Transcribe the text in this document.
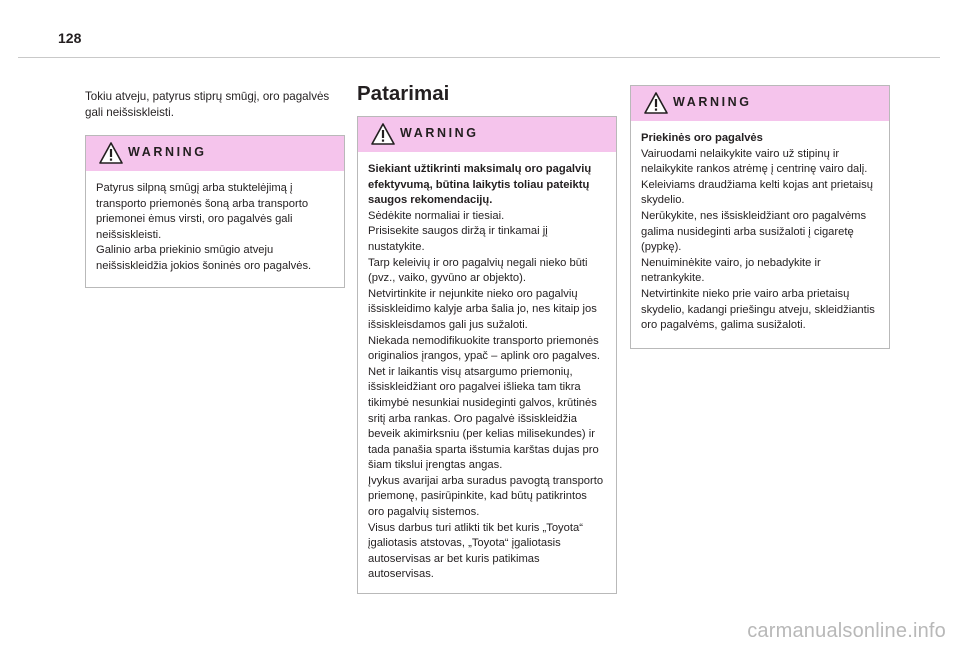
128

Tokiu atveju, patyrus stiprų smūgį, oro pagalvės gali neišsiskleisti.

WARNING

Patyrus silpną smūgį arba stuktelėjimą į transporto priemonės šoną arba transporto priemonei ėmus virsti, oro pagalvės gali neišsiskleisti.

Galinio arba priekinio smūgio atveju neišsiskleidžia jokios šoninės oro pagalvės.

Patarimai
WARNING

Siekiant užtikrinti maksimalų oro pagalvių efektyvumą, būtina laikytis toliau pateiktų saugos rekomendacijų.

Sėdėkite normaliai ir tiesiai.

Prisisekite saugos diržą ir tinkamai jį nustatykite.

Tarp keleivių ir oro pagalvių negali nieko būti (pvz., vaiko, gyvūno ar objekto).

Netvirtinkite ir nejunkite nieko oro pagalvių išsiskleidimo kalyje arba šalia jo, nes kitaip jos išsiskleisdamos gali jus sužaloti.

Niekada nemodifikuokite transporto priemonės originalios įrangos, ypač – aplink oro pagalves.

Net ir laikantis visų atsargumo priemonių, išsiskleidžiant oro pagalvei išlieka tam tikra tikimybė nesunkiai nusideginti galvos, krūtinės sritį arba rankas. Oro pagalvė išsiskleidžia beveik akimirksniu (per kelias milisekundes) ir tada panašia sparta išstumia karštas dujas pro šiam tikslui įrengtas angas.

Įvykus avarijai arba suradus pavogtą transporto priemonę, pasirūpinkite, kad būtų patikrintos oro pagalvių sistemos.

Visus darbus turi atlikti tik bet kuris „Toyota“ įgaliotasis atstovas, „Toyota“ įgaliotasis autoservisas ar bet kuris patikimas autoservisas.

WARNING

Priekinės oro pagalvės

Vairuodami nelaikykite vairo už stipinų ir nelaikykite rankos atrėmę į centrinę vairo dalį.

Keleiviams draudžiama kelti kojas ant prietaisų skydelio.

Nerūkykite, nes išsiskleidžiant oro pagalvėms galima nusideginti arba susižaloti į cigaretę (pypkę).

Nenuiminėkite vairo, jo nebadykite ir netrankykite.

Netvirtinkite nieko prie vairo arba prietaisų skydelio, kadangi priešingu atveju, skleidžiantis oro pagalvėms, galima susižaloti.

carmanualsonline.info
